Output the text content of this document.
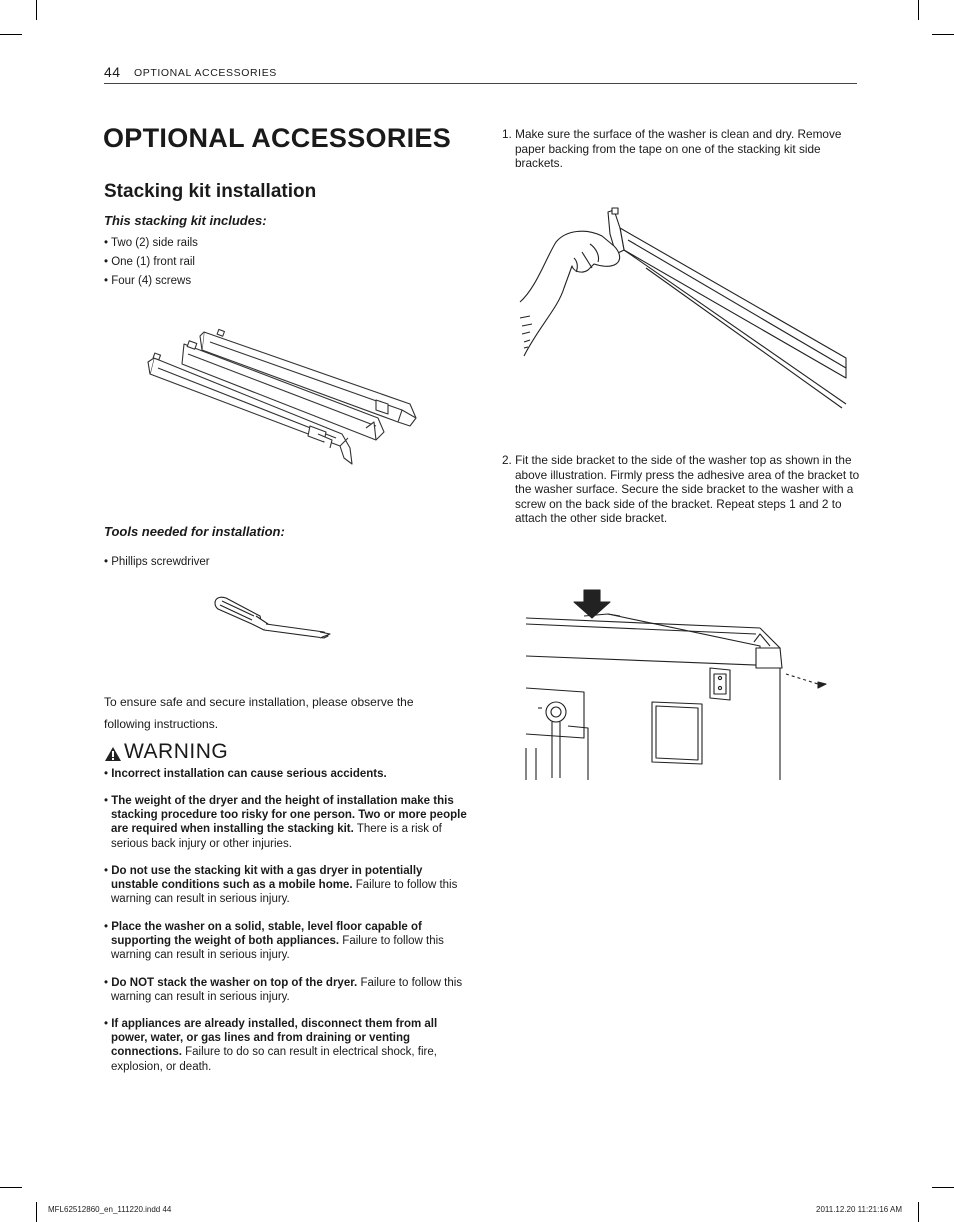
44 OPTIONAL ACCESSORIES
OPTIONAL ACCESSORIES
Stacking kit installation
This stacking kit includes:
• Two (2) side rails
• One (1) front rail
• Four (4) screws
Tools needed for installation:
• Phillips screwdriver
To ensure safe and secure installation, please observe the
following instructions.
WARNING
• Incorrect installation can cause serious accidents.
• The weight of the dryer and the height of installation make this stacking procedure too risky for one person. Two or more people are required when installing the stacking kit. There is a risk of serious back injury or other injuries.
• Do not use the stacking kit with a gas dryer in potentially unstable conditions such as a mobile home. Failure to follow this warning can result in serious injury.
• Place the washer on a solid, stable, level floor capable of supporting the weight of both appliances. Failure to follow this warning can result in serious injury.
• Do NOT stack the washer on top of the dryer. Failure to follow this warning can result in serious injury.
• If appliances are already installed, disconnect them from all power, water, or gas lines and from draining or venting connections. Failure to do so can result in electrical shock, fire, explosion, or death.
1. Make sure the surface of the washer is clean and dry. Remove paper backing from the tape on one of the stacking kit side brackets.
2. Fit the side bracket to the side of the washer top as shown in the above illustration. Firmly press the adhesive area of the bracket to the washer surface. Secure the side bracket to the washer with a screw on the back side of the bracket. Repeat steps 1 and 2 to attach the other side bracket.
MFL62512860_en_111220.indd 44	2011.12.20 11:21:16 AM
